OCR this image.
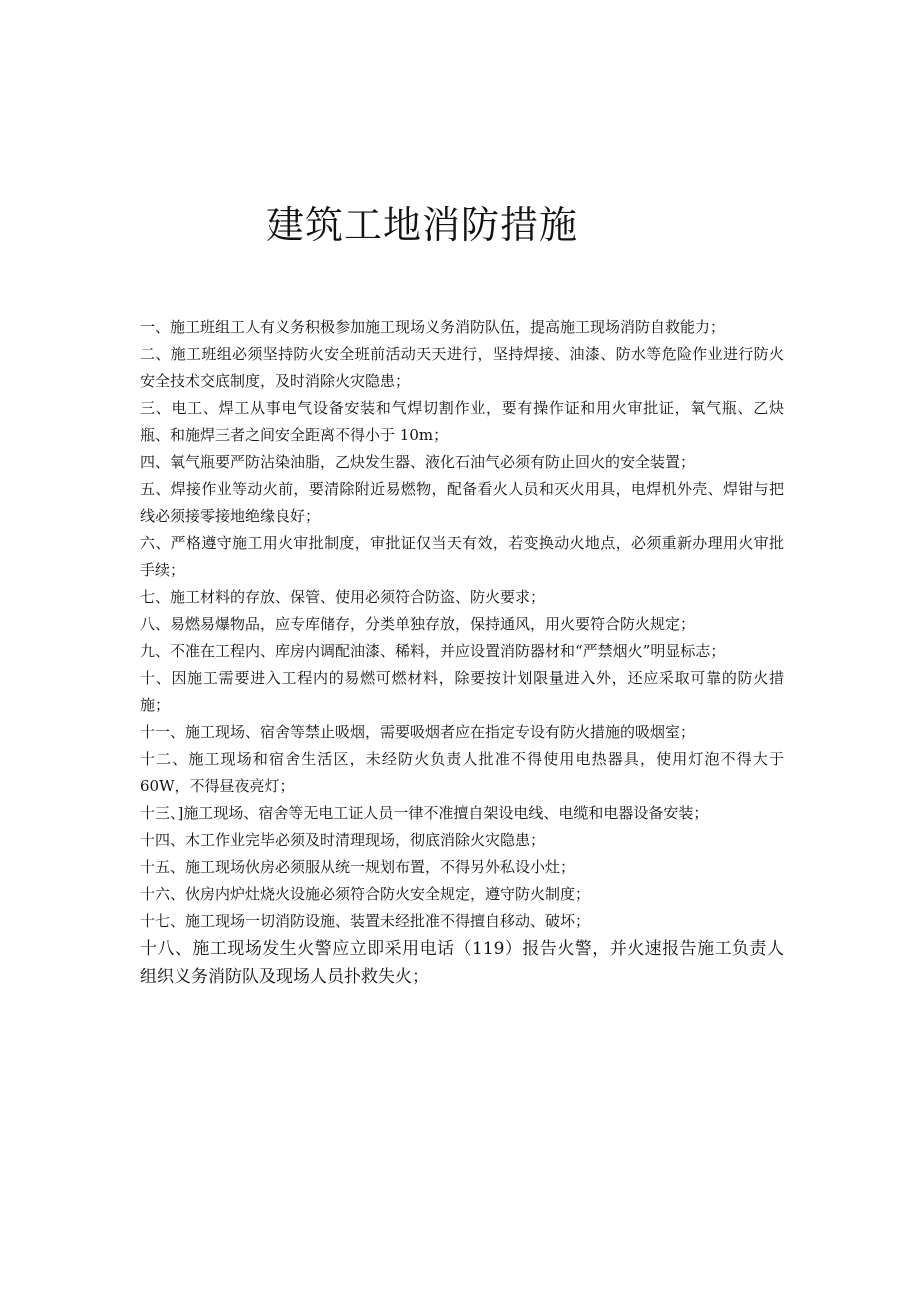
建筑工地消防措施
一、施工班组工人有义务积极参加施工现场义务消防队伍，提高施工现场消防自救能力；
二、施工班组必须坚持防火安全班前活动天天进行，坚持焊接、油漆、防水等危险作业进行防火安全技术交底制度，及时消除火灾隐患；
三、电工、焊工从事电气设备安装和气焊切割作业，要有操作证和用火审批证，氧气瓶、乙炔瓶、和施焊三者之间安全距离不得小于 10m；
四、氧气瓶要严防沾染油脂，乙炔发生器、液化石油气必须有防止回火的安全装置；
五、焊接作业等动火前，要清除附近易燃物，配备看火人员和灭火用具，电焊机外壳、焊钳与把线必须接零接地绝缘良好；
六、严格遵守施工用火审批制度，审批证仅当天有效，若变换动火地点，必须重新办理用火审批手续；
七、施工材料的存放、保管、使用必须符合防盗、防火要求；
八、易燃易爆物品，应专库储存，分类单独存放，保持通风，用火要符合防火规定；
九、不准在工程内、库房内调配油漆、稀料，并应设置消防器材和“严禁烟火”明显标志；
十、因施工需要进入工程内的易燃可燃材料，除要按计划限量进入外，还应采取可靠的防火措施；
十一、施工现场、宿舍等禁止吸烟，需要吸烟者应在指定专设有防火措施的吸烟室；
十二、施工现场和宿舍生活区，未经防火负责人批准不得使用电热器具，使用灯泡不得大于 60W，不得昼夜亮灯；
十三、]施工现场、宿舍等无电工证人员一律不准擅自架设电线、电缆和电器设备安装；
十四、木工作业完毕必须及时清理现场，彻底消除火灾隐患；
十五、施工现场伙房必须服从统一规划布置，不得另外私设小灶；
十六、伙房内炉灶烧火设施必须符合防火安全规定，遵守防火制度；
十七、施工现场一切消防设施、装置未经批准不得擅自移动、破坏；
十八、施工现场发生火警应立即采用电话（119）报告火警，并火速报告施工负责人组织义务消防队及现场人员扑救失火；
